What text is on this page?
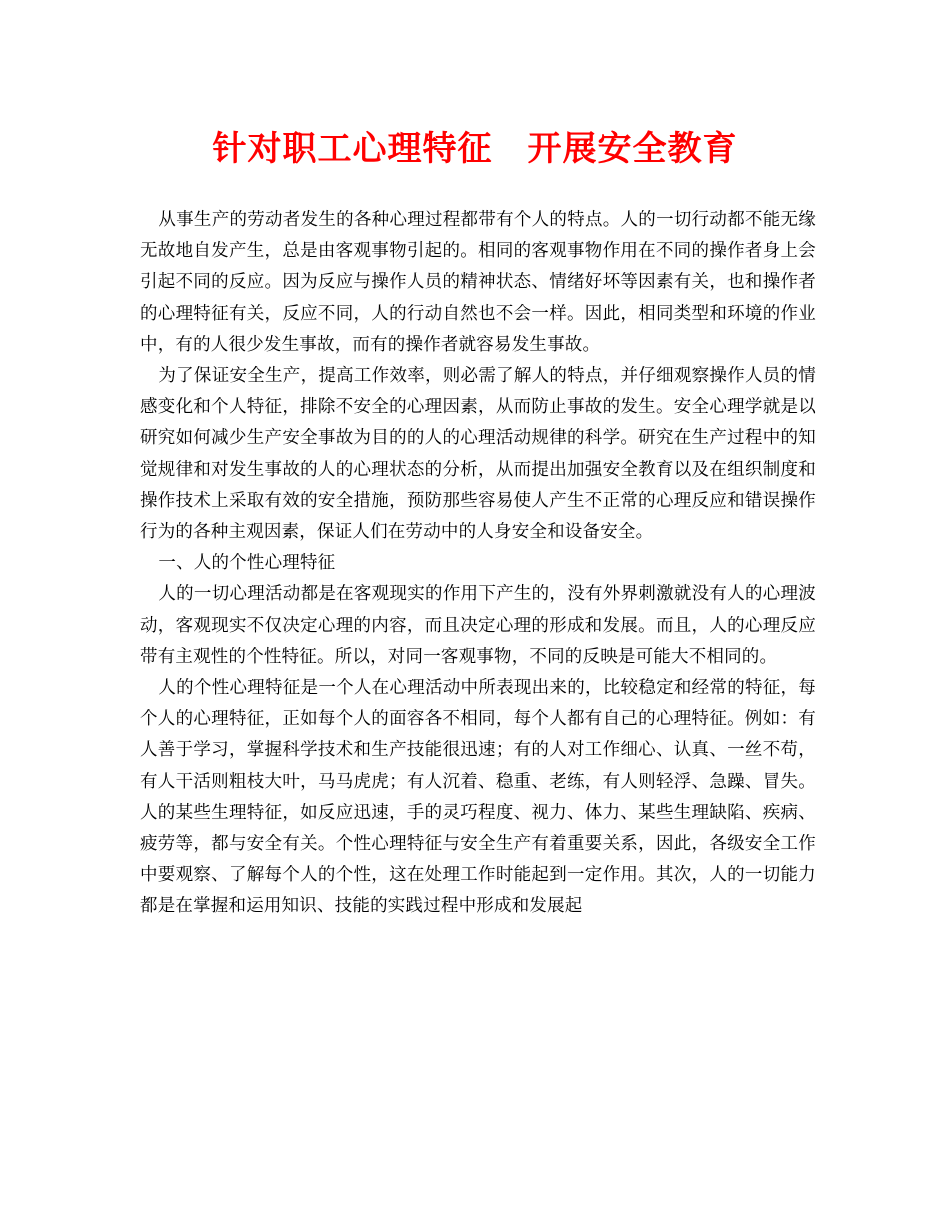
针对职工心理特征　开展安全教育

从事生产的劳动者发生的各种心理过程都带有个人的特点。人的一切行动都不能无缘无故地自发产生，总是由客观事物引起的。相同的客观事物作用在不同的操作者身上会引起不同的反应。因为反应与操作人员的精神状态、情绪好坏等因素有关，也和操作者的心理特征有关，反应不同，人的行动自然也不会一样。因此，相同类型和环境的作业中，有的人很少发生事故，而有的操作者就容易发生事故。

为了保证安全生产，提高工作效率，则必需了解人的特点，并仔细观察操作人员的情感变化和个人特征，排除不安全的心理因素，从而防止事故的发生。安全心理学就是以研究如何减少生产安全事故为目的的人的心理活动规律的科学。研究在生产过程中的知觉规律和对发生事故的人的心理状态的分析，从而提出加强安全教育以及在组织制度和操作技术上采取有效的安全措施，预防那些容易使人产生不正常的心理反应和错误操作行为的各种主观因素，保证人们在劳动中的人身安全和设备安全。

一、人的个性心理特征

人的一切心理活动都是在客观现实的作用下产生的，没有外界刺激就没有人的心理波动，客观现实不仅决定心理的内容，而且决定心理的形成和发展。而且，人的心理反应带有主观性的个性特征。所以，对同一客观事物，不同的反映是可能大不相同的。

人的个性心理特征是一个人在心理活动中所表现出来的，比较稳定和经常的特征，每个人的心理特征，正如每个人的面容各不相同，每个人都有自己的心理特征。例如：有人善于学习，掌握科学技术和生产技能很迅速；有的人对工作细心、认真、一丝不苟，有人干活则粗枝大叶，马马虎虎；有人沉着、稳重、老练，有人则轻浮、急躁、冒失。人的某些生理特征，如反应迅速，手的灵巧程度、视力、体力、某些生理缺陷、疾病、疲劳等，都与安全有关。个性心理特征与安全生产有着重要关系，因此，各级安全工作中要观察、了解每个人的个性，这在处理工作时能起到一定作用。其次，人的一切能力都是在掌握和运用知识、技能的实践过程中形成和发展起
